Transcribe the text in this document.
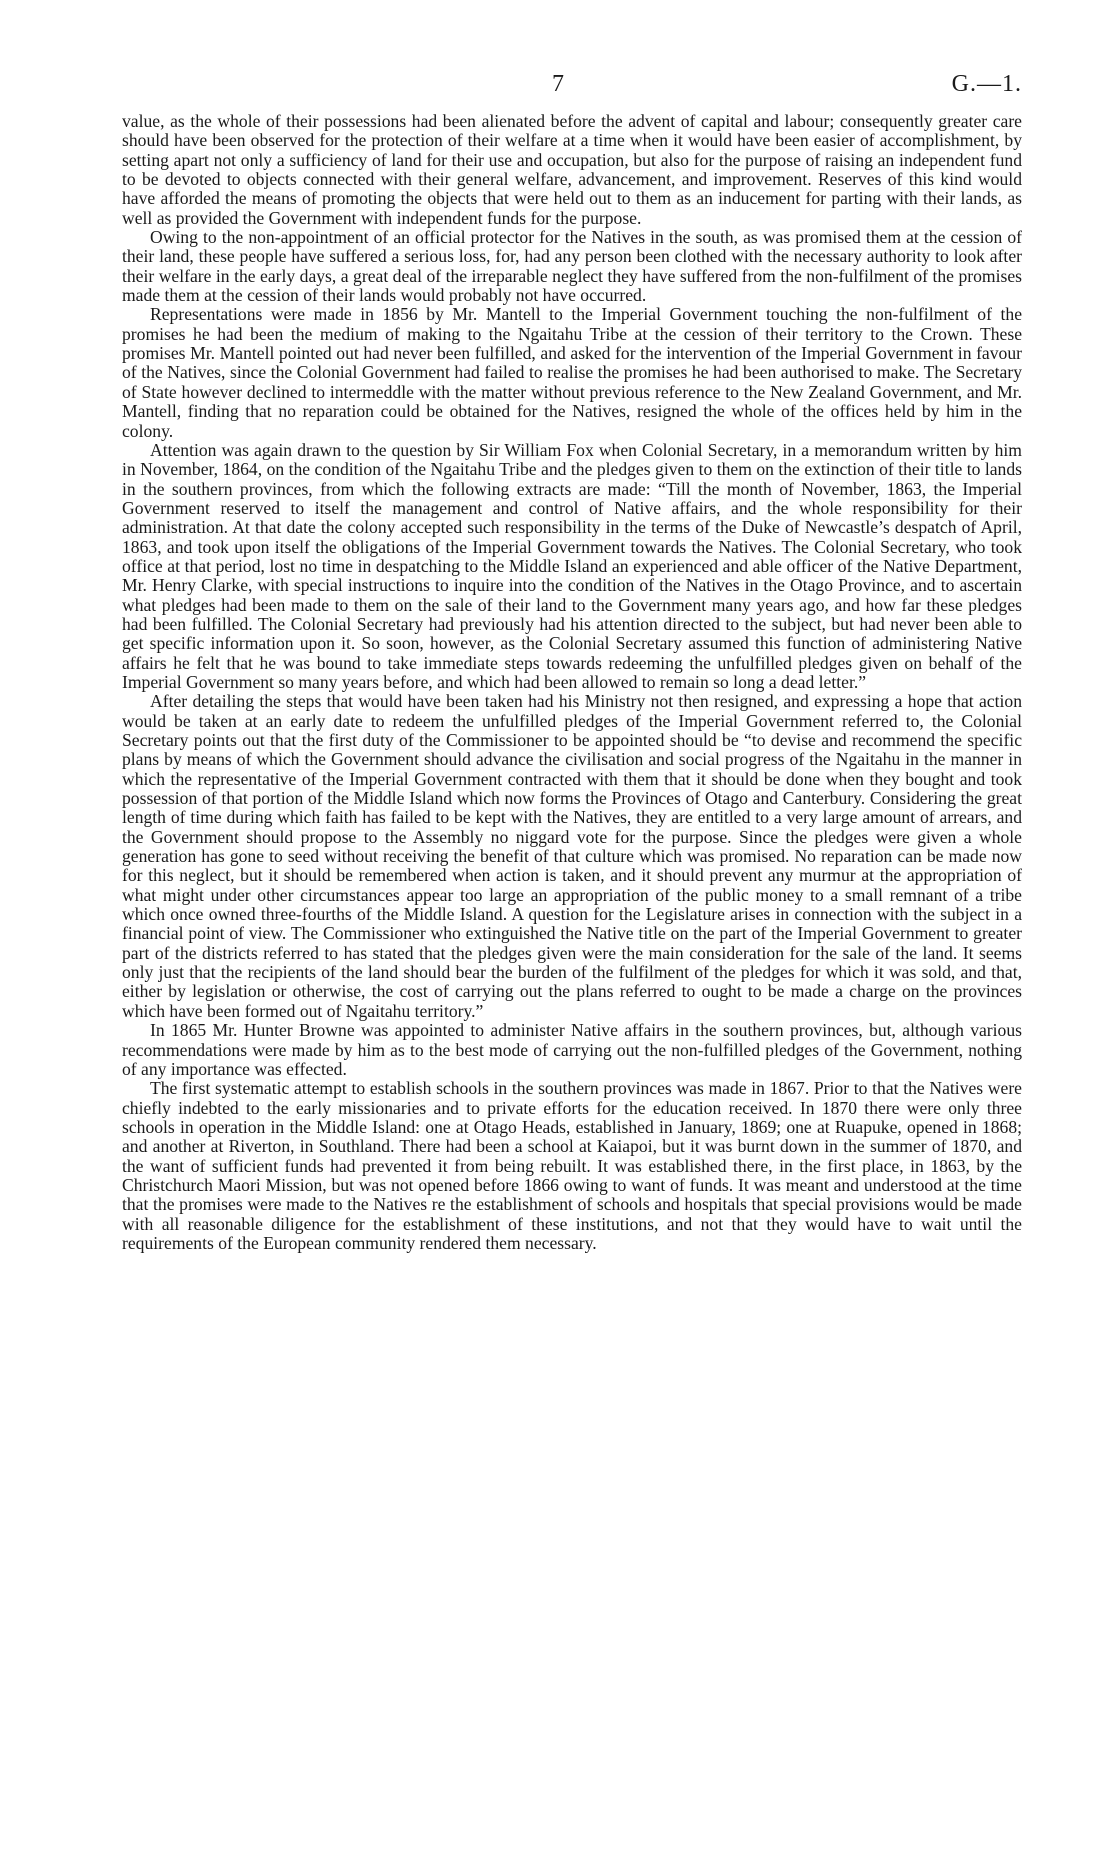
7	G.—1.

value, as the whole of their possessions had been alienated before the advent of capital and labour; consequently greater care should have been observed for the protection of their welfare at a time when it would have been easier of accomplishment, by setting apart not only a sufficiency of land for their use and occupation, but also for the purpose of raising an independent fund to be devoted to objects connected with their general welfare, advancement, and improvement. Reserves of this kind would have afforded the means of promoting the objects that were held out to them as an inducement for parting with their lands, as well as provided the Government with independent funds for the purpose.

Owing to the non-appointment of an official protector for the Natives in the south, as was promised them at the cession of their land, these people have suffered a serious loss, for, had any person been clothed with the necessary authority to look after their welfare in the early days, a great deal of the irreparable neglect they have suffered from the non-fulfilment of the promises made them at the cession of their lands would probably not have occurred.

Representations were made in 1856 by Mr. Mantell to the Imperial Government touching the non-fulfilment of the promises he had been the medium of making to the Ngaitahu Tribe at the cession of their territory to the Crown. These promises Mr. Mantell pointed out had never been fulfilled, and asked for the intervention of the Imperial Government in favour of the Natives, since the Colonial Government had failed to realise the promises he had been authorised to make. The Secretary of State however declined to intermeddle with the matter without previous reference to the New Zealand Government, and Mr. Mantell, finding that no reparation could be obtained for the Natives, resigned the whole of the offices held by him in the colony.

Attention was again drawn to the question by Sir William Fox when Colonial Secretary, in a memorandum written by him in November, 1864, on the condition of the Ngaitahu Tribe and the pledges given to them on the extinction of their title to lands in the southern provinces, from which the following extracts are made: “Till the month of November, 1863, the Imperial Government reserved to itself the management and control of Native affairs, and the whole responsibility for their administration. At that date the colony accepted such responsibility in the terms of the Duke of Newcastle’s despatch of April, 1863, and took upon itself the obligations of the Imperial Government towards the Natives. The Colonial Secretary, who took office at that period, lost no time in despatching to the Middle Island an experienced and able officer of the Native Department, Mr. Henry Clarke, with special instructions to inquire into the condition of the Natives in the Otago Province, and to ascertain what pledges had been made to them on the sale of their land to the Government many years ago, and how far these pledges had been fulfilled. The Colonial Secretary had previously had his attention directed to the subject, but had never been able to get specific information upon it. So soon, however, as the Colonial Secretary assumed this function of administering Native affairs he felt that he was bound to take immediate steps towards redeeming the unfulfilled pledges given on behalf of the Imperial Government so many years before, and which had been allowed to remain so long a dead letter.”

After detailing the steps that would have been taken had his Ministry not then resigned, and expressing a hope that action would be taken at an early date to redeem the unfulfilled pledges of the Imperial Government referred to, the Colonial Secretary points out that the first duty of the Commissioner to be appointed should be “to devise and recommend the specific plans by means of which the Government should advance the civilisation and social progress of the Ngaitahu in the manner in which the representative of the Imperial Government contracted with them that it should be done when they bought and took possession of that portion of the Middle Island which now forms the Provinces of Otago and Canterbury. Considering the great length of time during which faith has failed to be kept with the Natives, they are entitled to a very large amount of arrears, and the Government should propose to the Assembly no niggard vote for the purpose. Since the pledges were given a whole generation has gone to seed without receiving the benefit of that culture which was promised. No reparation can be made now for this neglect, but it should be remembered when action is taken, and it should prevent any murmur at the appropriation of what might under other circumstances appear too large an appropriation of the public money to a small remnant of a tribe which once owned three-fourths of the Middle Island. A question for the Legislature arises in connection with the subject in a financial point of view. The Commissioner who extinguished the Native title on the part of the Imperial Government to greater part of the districts referred to has stated that the pledges given were the main consideration for the sale of the land. It seems only just that the recipients of the land should bear the burden of the fulfilment of the pledges for which it was sold, and that, either by legislation or otherwise, the cost of carrying out the plans referred to ought to be made a charge on the provinces which have been formed out of Ngaitahu territory.”

In 1865 Mr. Hunter Browne was appointed to administer Native affairs in the southern provinces, but, although various recommendations were made by him as to the best mode of carrying out the non-fulfilled pledges of the Government, nothing of any importance was effected.

The first systematic attempt to establish schools in the southern provinces was made in 1867. Prior to that the Natives were chiefly indebted to the early missionaries and to private efforts for the education received. In 1870 there were only three schools in operation in the Middle Island: one at Otago Heads, established in January, 1869; one at Ruapuke, opened in 1868; and another at Riverton, in Southland. There had been a school at Kaiapoi, but it was burnt down in the summer of 1870, and the want of sufficient funds had prevented it from being rebuilt. It was established there, in the first place, in 1863, by the Christchurch Maori Mission, but was not opened before 1866 owing to want of funds. It was meant and understood at the time that the promises were made to the Natives re the establishment of schools and hospitals that special provisions would be made with all reasonable diligence for the establishment of these institutions, and not that they would have to wait until the requirements of the European community rendered them necessary.
